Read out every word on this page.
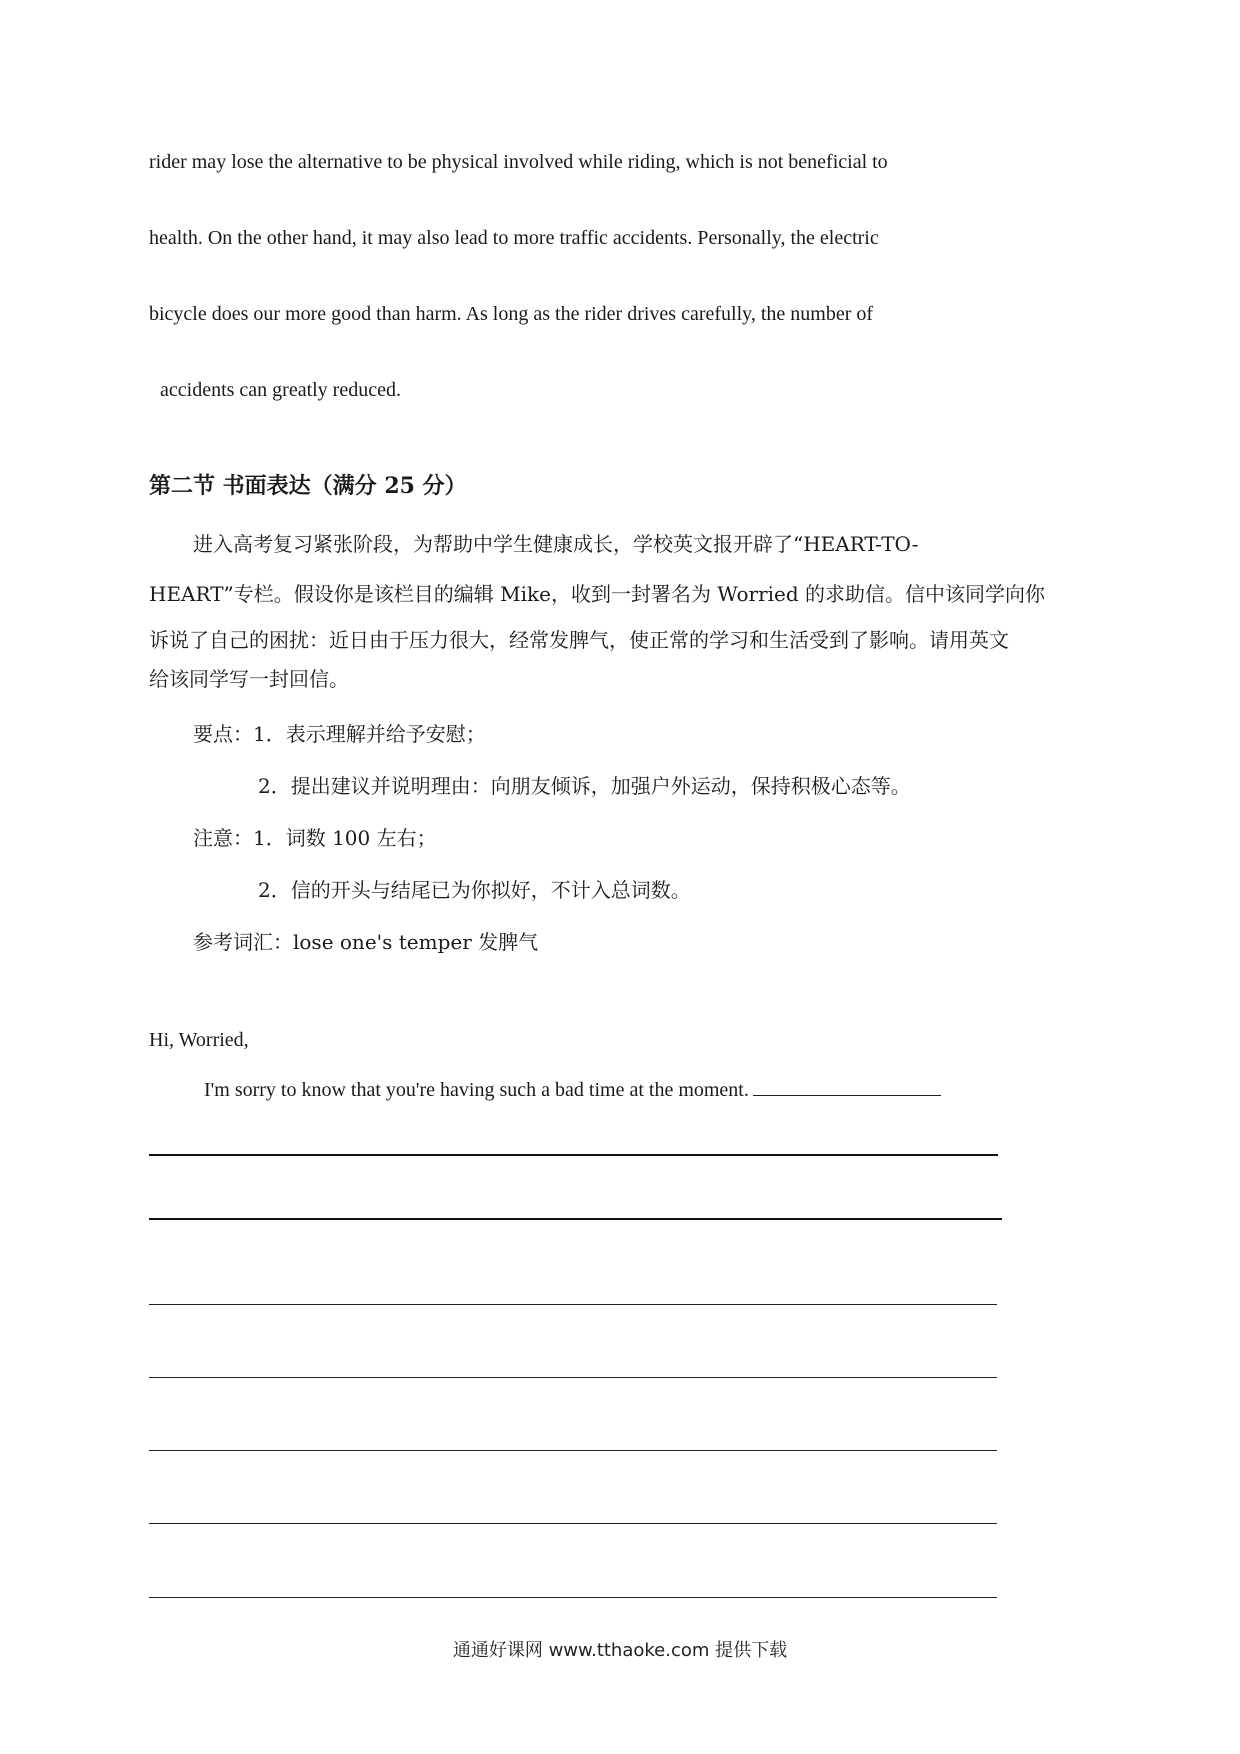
rider may lose the alternative to be physical involved while riding, which is not beneficial to
health. On the other hand, it may also lead to more traffic accidents. Personally, the electric
bicycle does our more good than harm. As long as the rider drives carefully, the number of
accidents can greatly reduced.
第二节 书面表达（满分 25 分）
进入高考复习紧张阶段，为帮助中学生健康成长，学校英文报开辟了“HEART-TO-
HEART”专栏。假设你是该栏目的编辑 Mike，收到一封署名为 Worried 的求助信。信中该同学向你
诉说了自己的困扰：近日由于压力很大，经常发脾气，使正常的学习和生活受到了影响。请用英文
给该同学写一封回信。
要点：1．表示理解并给予安慰；
2．提出建议并说明理由：向朋友倾诉，加强户外运动，保持积极心态等。
注意：1．词数 100 左右；
2．信的开头与结尾已为你拟好，不计入总词数。
参考词汇：lose one's temper 发脾气
Hi, Worried,
I'm sorry to know that you're having such a bad time at the moment.
通通好课网 www.tthaoke.com 提供下载
